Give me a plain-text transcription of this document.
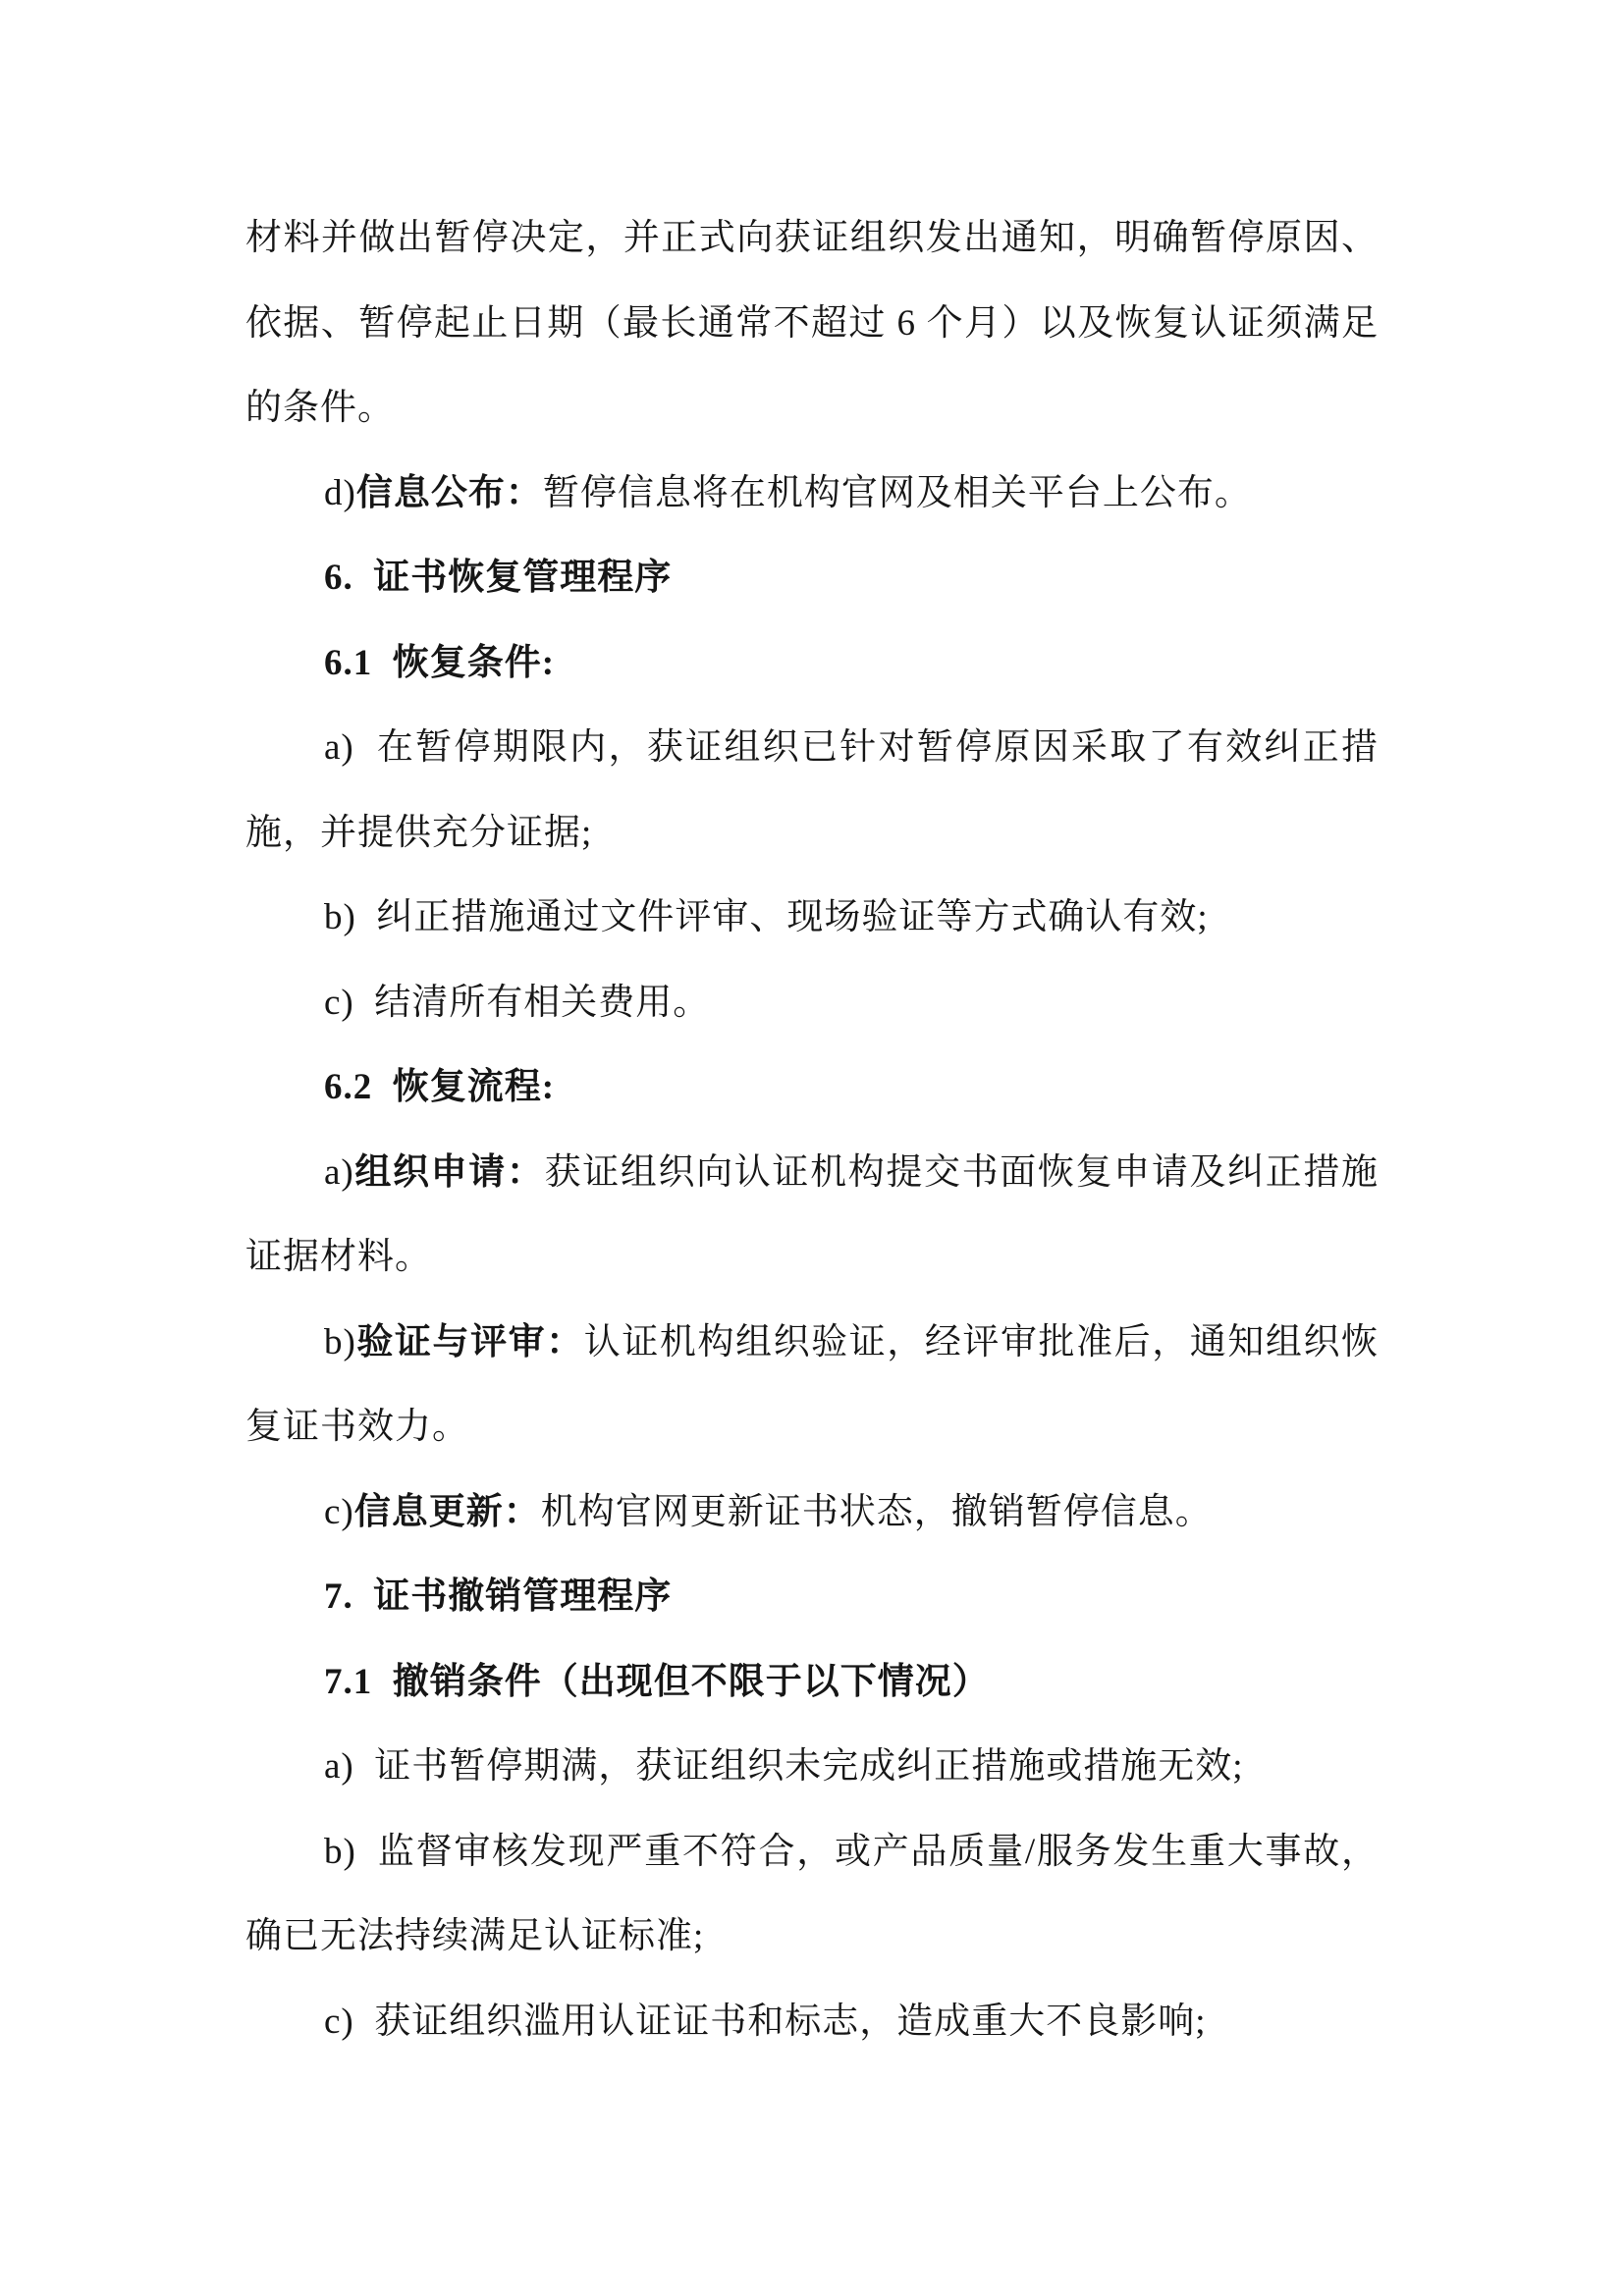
材料并做出暂停决定，并正式向获证组织发出通知，明确暂停原因、
依据、暂停起止日期（最长通常不超过 6 个月）以及恢复认证须满足
的条件。
d)信息公布：暂停信息将在机构官网及相关平台上公布。
6.  证书恢复管理程序
6.1  恢复条件:
a)  在暂停期限内，获证组织已针对暂停原因采取了有效纠正措
施，并提供充分证据;
b)  纠正措施通过文件评审、现场验证等方式确认有效;
c)  结清所有相关费用。
6.2  恢复流程:
a)组织申请：获证组织向认证机构提交书面恢复申请及纠正措施
证据材料。
b)验证与评审：认证机构组织验证，经评审批准后，通知组织恢
复证书效力。
c)信息更新：机构官网更新证书状态，撤销暂停信息。
7.  证书撤销管理程序
7.1  撤销条件（出现但不限于以下情况）
a)  证书暂停期满，获证组织未完成纠正措施或措施无效;
b)  监督审核发现严重不符合，或产品质量/服务发生重大事故，
确已无法持续满足认证标准;
c)  获证组织滥用认证证书和标志，造成重大不良影响;
